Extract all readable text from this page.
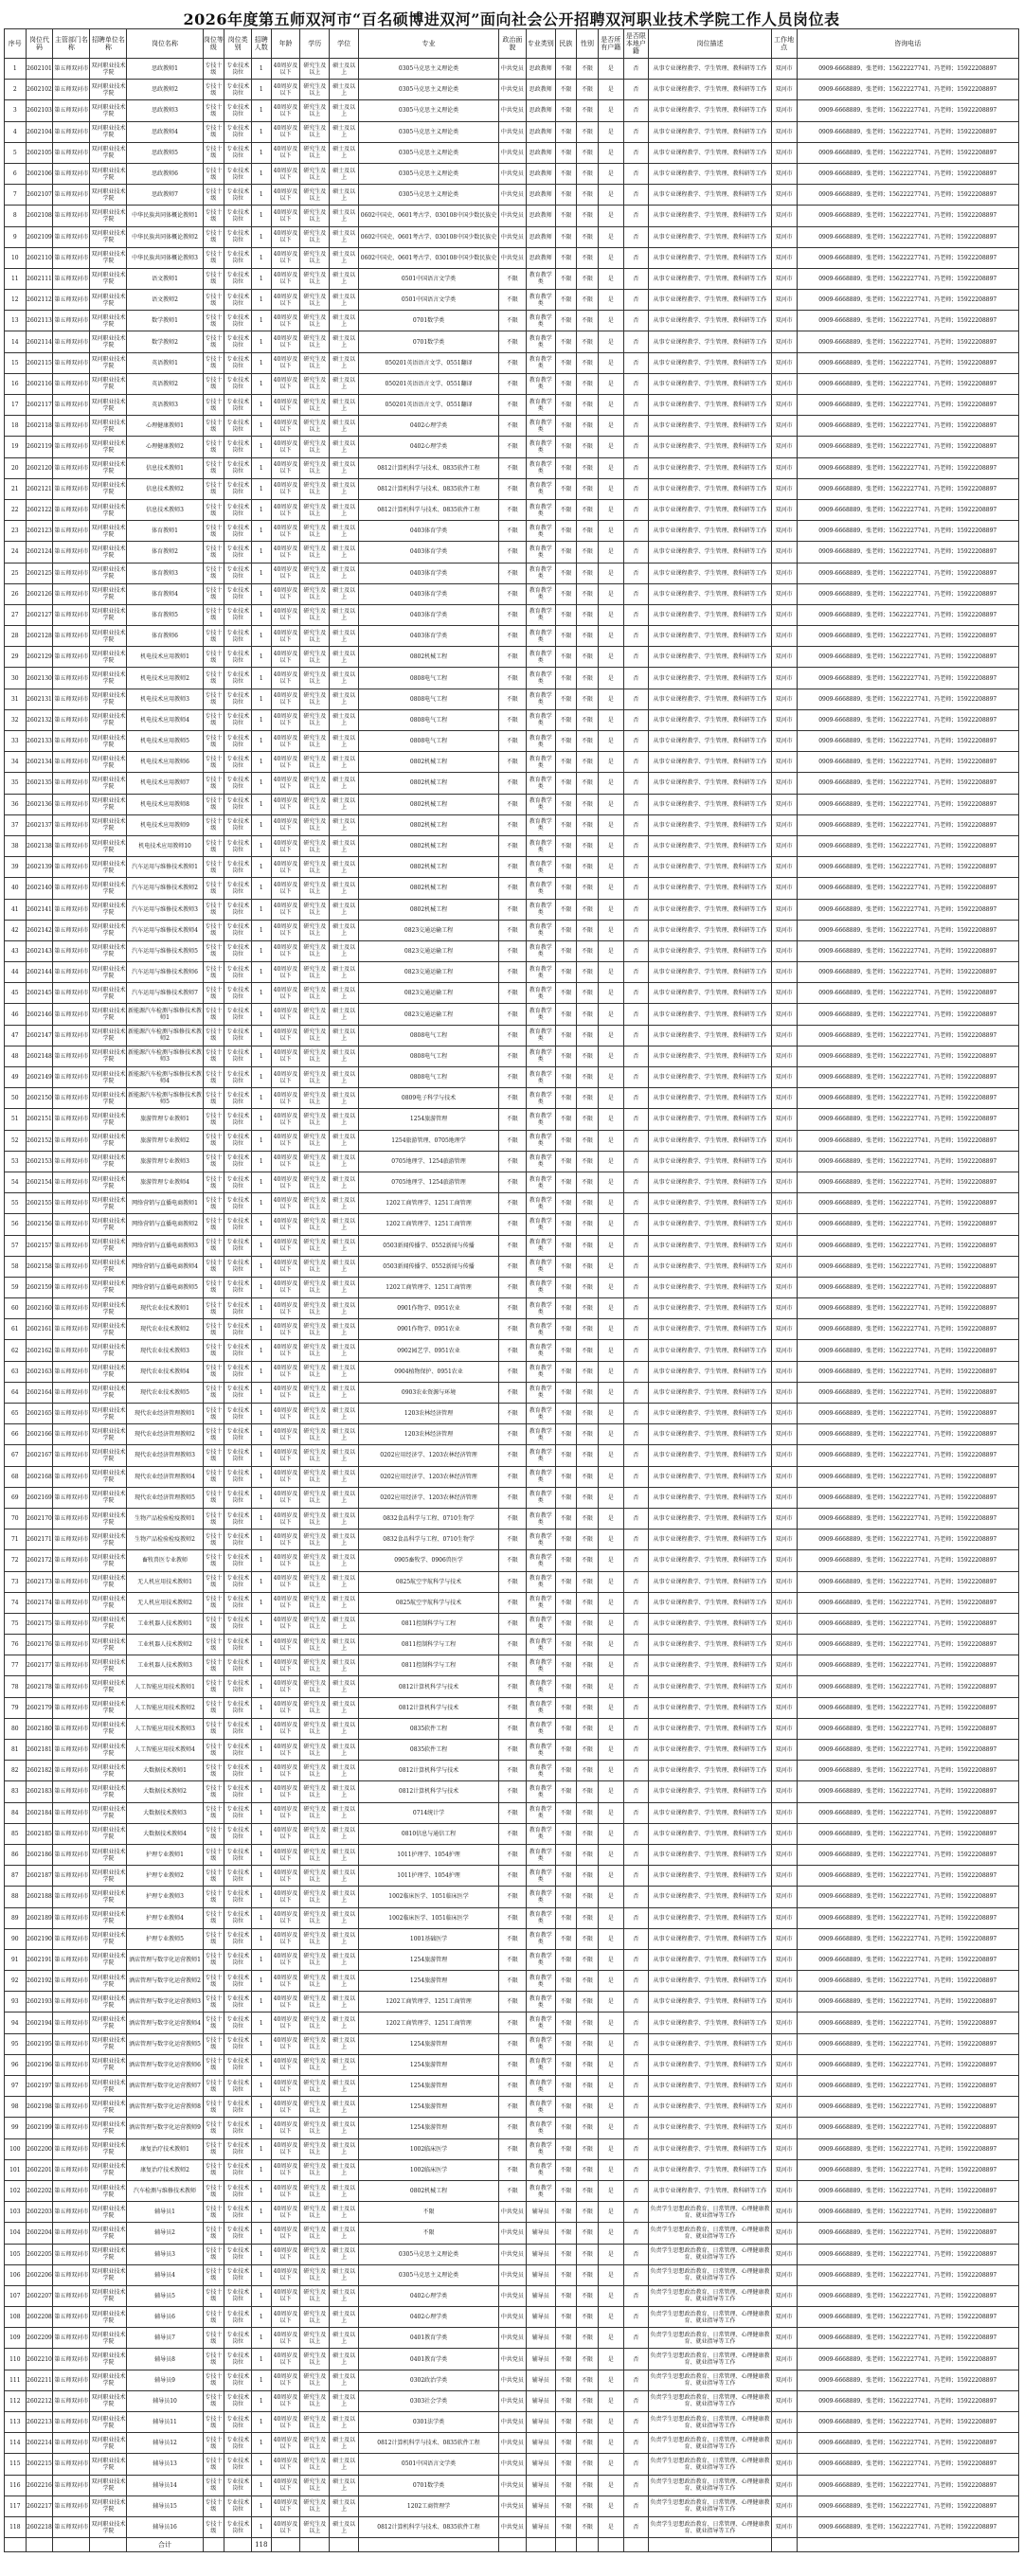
2026年度第五师双河市“百名硕博进双河”面向社会公开招聘双河职业技术学院工作人员岗位表
序号	岗位代码	主管部门名称	招聘单位名称	岗位名称	岗位等级	岗位类别	招聘人数	年龄	学历	学位	专业	政治面貌	专业类别	民族	性别	是否所有户籍	是否限本地户籍	岗位描述	工作地点	咨询电话
1	2602101	第五师双河市	双河职业技术学院	思政教师1	专技十级	专业技术岗位	1	40周岁及以下	研究生及以上	硕士及以上	0305马克思主义理论类	中共党员	思政教师	不限	不限	是	否	从事专业课程教学、学生管理、教科研等工作	双河市	0909-6668889、张老师；15622227741、冯老师；15922208897
2	2602102	第五师双河市	双河职业技术学院	思政教师2	专技十级	专业技术岗位	1	40周岁及以下	研究生及以上	硕士及以上	0305马克思主义理论类	中共党员	思政教师	不限	不限	是	否	从事专业课程教学、学生管理、教科研等工作	双河市	0909-6668889、张老师；15622227741、冯老师；15922208897
3	2602103	第五师双河市	双河职业技术学院	思政教师3	专技十级	专业技术岗位	1	40周岁及以下	研究生及以上	硕士及以上	0305马克思主义理论类	中共党员	思政教师	不限	不限	是	否	从事专业课程教学、学生管理、教科研等工作	双河市	0909-6668889、张老师；15622227741、冯老师；15922208897
4	2602104	第五师双河市	双河职业技术学院	思政教师4	专技十级	专业技术岗位	1	40周岁及以下	研究生及以上	硕士及以上	0305马克思主义理论类	中共党员	思政教师	不限	不限	是	否	从事专业课程教学、学生管理、教科研等工作	双河市	0909-6668889、张老师；15622227741、冯老师；15922208897
5	2602105	第五师双河市	双河职业技术学院	思政教师5	专技十级	专业技术岗位	1	40周岁及以下	研究生及以上	硕士及以上	0305马克思主义理论类	中共党员	思政教师	不限	不限	是	否	从事专业课程教学、学生管理、教科研等工作	双河市	0909-6668889、张老师；15622227741、冯老师；15922208897
6	2602106	第五师双河市	双河职业技术学院	思政教师6	专技十级	专业技术岗位	1	40周岁及以下	研究生及以上	硕士及以上	0305马克思主义理论类	中共党员	思政教师	不限	不限	是	否	从事专业课程教学、学生管理、教科研等工作	双河市	0909-6668889、张老师；15622227741、冯老师；15922208897
7	2602107	第五师双河市	双河职业技术学院	思政教师7	专技十级	专业技术岗位	1	40周岁及以下	研究生及以上	硕士及以上	0305马克思主义理论类	中共党员	思政教师	不限	不限	是	否	从事专业课程教学、学生管理、教科研等工作	双河市	0909-6668889、张老师；15622227741、冯老师；15922208897
8	2602108	第五师双河市	双河职业技术学院	中华民族共同体概论教师1	专技十级	专业技术岗位	1	40周岁及以下	研究生及以上	硕士及以上	0602中国史、0601考古学、030108中国少数民族史	中共党员	思政教师	不限	不限	是	否	从事专业课程教学、学生管理、教科研等工作	双河市	0909-6668889、张老师；15622227741、冯老师；15922208897
9	2602109	第五师双河市	双河职业技术学院	中华民族共同体概论教师2	专技十级	专业技术岗位	1	40周岁及以下	研究生及以上	硕士及以上	0602中国史、0601考古学、030108中国少数民族史	中共党员	思政教师	不限	不限	是	否	从事专业课程教学、学生管理、教科研等工作	双河市	0909-6668889、张老师；15622227741、冯老师；15922208897
10	2602110	第五师双河市	双河职业技术学院	中华民族共同体概论教师3	专技十级	专业技术岗位	1	40周岁及以下	研究生及以上	硕士及以上	0602中国史、0601考古学、030108中国少数民族史	中共党员	思政教师	不限	不限	是	否	从事专业课程教学、学生管理、教科研等工作	双河市	0909-6668889、张老师；15622227741、冯老师；15922208897
11	2602111	第五师双河市	双河职业技术学院	语文教师1	专技十级	专业技术岗位	1	40周岁及以下	研究生及以上	硕士及以上	0501中国语言文学类	不限	教育教学类	不限	不限	是	否	从事专业课程教学、学生管理、教科研等工作	双河市	0909-6668889、张老师；15622227741、冯老师；15922208897
12	2602112	第五师双河市	双河职业技术学院	语文教师2	专技十级	专业技术岗位	1	40周岁及以下	研究生及以上	硕士及以上	0501中国语言文学类	不限	教育教学类	不限	不限	是	否	从事专业课程教学、学生管理、教科研等工作	双河市	0909-6668889、张老师；15622227741、冯老师；15922208897
13	2602113	第五师双河市	双河职业技术学院	数学教师1	专技十级	专业技术岗位	1	40周岁及以下	研究生及以上	硕士及以上	0701数学类	不限	教育教学类	不限	不限	是	否	从事专业课程教学、学生管理、教科研等工作	双河市	0909-6668889、张老师；15622227741、冯老师；15922208897
14	2602114	第五师双河市	双河职业技术学院	数学教师2	专技十级	专业技术岗位	1	40周岁及以下	研究生及以上	硕士及以上	0701数学类	不限	教育教学类	不限	不限	是	否	从事专业课程教学、学生管理、教科研等工作	双河市	0909-6668889、张老师；15622227741、冯老师；15922208897
15	2602115	第五师双河市	双河职业技术学院	英语教师1	专技十级	专业技术岗位	1	40周岁及以下	研究生及以上	硕士及以上	050201英语语言文学、0551翻译	不限	教育教学类	不限	不限	是	否	从事专业课程教学、学生管理、教科研等工作	双河市	0909-6668889、张老师；15622227741、冯老师；15922208897
16	2602116	第五师双河市	双河职业技术学院	英语教师2	专技十级	专业技术岗位	1	40周岁及以下	研究生及以上	硕士及以上	050201英语语言文学、0551翻译	不限	教育教学类	不限	不限	是	否	从事专业课程教学、学生管理、教科研等工作	双河市	0909-6668889、张老师；15622227741、冯老师；15922208897
17	2602117	第五师双河市	双河职业技术学院	英语教师3	专技十级	专业技术岗位	1	40周岁及以下	研究生及以上	硕士及以上	050201英语语言文学、0551翻译	不限	教育教学类	不限	不限	是	否	从事专业课程教学、学生管理、教科研等工作	双河市	0909-6668889、张老师；15622227741、冯老师；15922208897
18	2602118	第五师双河市	双河职业技术学院	心理健康教师1	专技十级	专业技术岗位	1	40周岁及以下	研究生及以上	硕士及以上	0402心理学类	不限	教育教学类	不限	不限	是	否	从事专业课程教学、学生管理、教科研等工作	双河市	0909-6668889、张老师；15622227741、冯老师；15922208897
19	2602119	第五师双河市	双河职业技术学院	心理健康教师2	专技十级	专业技术岗位	1	40周岁及以下	研究生及以上	硕士及以上	0402心理学类	不限	教育教学类	不限	不限	是	否	从事专业课程教学、学生管理、教科研等工作	双河市	0909-6668889、张老师；15622227741、冯老师；15922208897
20	2602120	第五师双河市	双河职业技术学院	信息技术教师1	专技十级	专业技术岗位	1	40周岁及以下	研究生及以上	硕士及以上	0812计算机科学与技术、0835软件工程	不限	教育教学类	不限	不限	是	否	从事专业课程教学、学生管理、教科研等工作	双河市	0909-6668889、张老师；15622227741、冯老师；15922208897
21	2602121	第五师双河市	双河职业技术学院	信息技术教师2	专技十级	专业技术岗位	1	40周岁及以下	研究生及以上	硕士及以上	0812计算机科学与技术、0835软件工程	不限	教育教学类	不限	不限	是	否	从事专业课程教学、学生管理、教科研等工作	双河市	0909-6668889、张老师；15622227741、冯老师；15922208897
22	2602122	第五师双河市	双河职业技术学院	信息技术教师3	专技十级	专业技术岗位	1	40周岁及以下	研究生及以上	硕士及以上	0812计算机科学与技术、0835软件工程	不限	教育教学类	不限	不限	是	否	从事专业课程教学、学生管理、教科研等工作	双河市	0909-6668889、张老师；15622227741、冯老师；15922208897
23	2602123	第五师双河市	双河职业技术学院	体育教师1	专技十级	专业技术岗位	1	40周岁及以下	研究生及以上	硕士及以上	0403体育学类	不限	教育教学类	不限	不限	是	否	从事专业课程教学、学生管理、教科研等工作	双河市	0909-6668889、张老师；15622227741、冯老师；15922208897
24	2602124	第五师双河市	双河职业技术学院	体育教师2	专技十级	专业技术岗位	1	40周岁及以下	研究生及以上	硕士及以上	0403体育学类	不限	教育教学类	不限	不限	是	否	从事专业课程教学、学生管理、教科研等工作	双河市	0909-6668889、张老师；15622227741、冯老师；15922208897
25	2602125	第五师双河市	双河职业技术学院	体育教师3	专技十级	专业技术岗位	1	40周岁及以下	研究生及以上	硕士及以上	0403体育学类	不限	教育教学类	不限	不限	是	否	从事专业课程教学、学生管理、教科研等工作	双河市	0909-6668889、张老师；15622227741、冯老师；15922208897
26	2602126	第五师双河市	双河职业技术学院	体育教师4	专技十级	专业技术岗位	1	40周岁及以下	研究生及以上	硕士及以上	0403体育学类	不限	教育教学类	不限	不限	是	否	从事专业课程教学、学生管理、教科研等工作	双河市	0909-6668889、张老师；15622227741、冯老师；15922208897
27	2602127	第五师双河市	双河职业技术学院	体育教师5	专技十级	专业技术岗位	1	40周岁及以下	研究生及以上	硕士及以上	0403体育学类	不限	教育教学类	不限	不限	是	否	从事专业课程教学、学生管理、教科研等工作	双河市	0909-6668889、张老师；15622227741、冯老师；15922208897
28	2602128	第五师双河市	双河职业技术学院	体育教师6	专技十级	专业技术岗位	1	40周岁及以下	研究生及以上	硕士及以上	0403体育学类	不限	教育教学类	不限	不限	是	否	从事专业课程教学、学生管理、教科研等工作	双河市	0909-6668889、张老师；15622227741、冯老师；15922208897
29	2602129	第五师双河市	双河职业技术学院	机电技术应用教师1	专技十级	专业技术岗位	1	40周岁及以下	研究生及以上	硕士及以上	0802机械工程	不限	教育教学类	不限	不限	是	否	从事专业课程教学、学生管理、教科研等工作	双河市	0909-6668889、张老师；15622227741、冯老师；15922208897
30	2602130	第五师双河市	双河职业技术学院	机电技术应用教师2	专技十级	专业技术岗位	1	40周岁及以下	研究生及以上	硕士及以上	0808电气工程	不限	教育教学类	不限	不限	是	否	从事专业课程教学、学生管理、教科研等工作	双河市	0909-6668889、张老师；15622227741、冯老师；15922208897
31	2602131	第五师双河市	双河职业技术学院	机电技术应用教师3	专技十级	专业技术岗位	1	40周岁及以下	研究生及以上	硕士及以上	0808电气工程	不限	教育教学类	不限	不限	是	否	从事专业课程教学、学生管理、教科研等工作	双河市	0909-6668889、张老师；15622227741、冯老师；15922208897
32	2602132	第五师双河市	双河职业技术学院	机电技术应用教师4	专技十级	专业技术岗位	1	40周岁及以下	研究生及以上	硕士及以上	0808电气工程	不限	教育教学类	不限	不限	是	否	从事专业课程教学、学生管理、教科研等工作	双河市	0909-6668889、张老师；15622227741、冯老师；15922208897
33	2602133	第五师双河市	双河职业技术学院	机电技术应用教师5	专技十级	专业技术岗位	1	40周岁及以下	研究生及以上	硕士及以上	0808电气工程	不限	教育教学类	不限	不限	是	否	从事专业课程教学、学生管理、教科研等工作	双河市	0909-6668889、张老师；15622227741、冯老师；15922208897
34	2602134	第五师双河市	双河职业技术学院	机电技术应用教师6	专技十级	专业技术岗位	1	40周岁及以下	研究生及以上	硕士及以上	0802机械工程	不限	教育教学类	不限	不限	是	否	从事专业课程教学、学生管理、教科研等工作	双河市	0909-6668889、张老师；15622227741、冯老师；15922208897
35	2602135	第五师双河市	双河职业技术学院	机电技术应用教师7	专技十级	专业技术岗位	1	40周岁及以下	研究生及以上	硕士及以上	0802机械工程	不限	教育教学类	不限	不限	是	否	从事专业课程教学、学生管理、教科研等工作	双河市	0909-6668889、张老师；15622227741、冯老师；15922208897
36	2602136	第五师双河市	双河职业技术学院	机电技术应用教师8	专技十级	专业技术岗位	1	40周岁及以下	研究生及以上	硕士及以上	0802机械工程	不限	教育教学类	不限	不限	是	否	从事专业课程教学、学生管理、教科研等工作	双河市	0909-6668889、张老师；15622227741、冯老师；15922208897
37	2602137	第五师双河市	双河职业技术学院	机电技术应用教师9	专技十级	专业技术岗位	1	40周岁及以下	研究生及以上	硕士及以上	0802机械工程	不限	教育教学类	不限	不限	是	否	从事专业课程教学、学生管理、教科研等工作	双河市	0909-6668889、张老师；15622227741、冯老师；15922208897
38	2602138	第五师双河市	双河职业技术学院	机电技术应用教师10	专技十级	专业技术岗位	1	40周岁及以下	研究生及以上	硕士及以上	0802机械工程	不限	教育教学类	不限	不限	是	否	从事专业课程教学、学生管理、教科研等工作	双河市	0909-6668889、张老师；15622227741、冯老师；15922208897
39	2602139	第五师双河市	双河职业技术学院	汽车运用与维修技术教师1	专技十级	专业技术岗位	1	40周岁及以下	研究生及以上	硕士及以上	0802机械工程	不限	教育教学类	不限	不限	是	否	从事专业课程教学、学生管理、教科研等工作	双河市	0909-6668889、张老师；15622227741、冯老师；15922208897
40	2602140	第五师双河市	双河职业技术学院	汽车运用与维修技术教师2	专技十级	专业技术岗位	1	40周岁及以下	研究生及以上	硕士及以上	0802机械工程	不限	教育教学类	不限	不限	是	否	从事专业课程教学、学生管理、教科研等工作	双河市	0909-6668889、张老师；15622227741、冯老师；15922208897
41	2602141	第五师双河市	双河职业技术学院	汽车运用与维修技术教师3	专技十级	专业技术岗位	1	40周岁及以下	研究生及以上	硕士及以上	0802机械工程	不限	教育教学类	不限	不限	是	否	从事专业课程教学、学生管理、教科研等工作	双河市	0909-6668889、张老师；15622227741、冯老师；15922208897
42	2602142	第五师双河市	双河职业技术学院	汽车运用与维修技术教师4	专技十级	专业技术岗位	1	40周岁及以下	研究生及以上	硕士及以上	0823交通运输工程	不限	教育教学类	不限	不限	是	否	从事专业课程教学、学生管理、教科研等工作	双河市	0909-6668889、张老师；15622227741、冯老师；15922208897
43	2602143	第五师双河市	双河职业技术学院	汽车运用与维修技术教师5	专技十级	专业技术岗位	1	40周岁及以下	研究生及以上	硕士及以上	0823交通运输工程	不限	教育教学类	不限	不限	是	否	从事专业课程教学、学生管理、教科研等工作	双河市	0909-6668889、张老师；15622227741、冯老师；15922208897
44	2602144	第五师双河市	双河职业技术学院	汽车运用与维修技术教师6	专技十级	专业技术岗位	1	40周岁及以下	研究生及以上	硕士及以上	0823交通运输工程	不限	教育教学类	不限	不限	是	否	从事专业课程教学、学生管理、教科研等工作	双河市	0909-6668889、张老师；15622227741、冯老师；15922208897
45	2602145	第五师双河市	双河职业技术学院	汽车运用与维修技术教师7	专技十级	专业技术岗位	1	40周岁及以下	研究生及以上	硕士及以上	0823交通运输工程	不限	教育教学类	不限	不限	是	否	从事专业课程教学、学生管理、教科研等工作	双河市	0909-6668889、张老师；15622227741、冯老师；15922208897
46	2602146	第五师双河市	双河职业技术学院	新能源汽车检测与维修技术教师1	专技十级	专业技术岗位	1	40周岁及以下	研究生及以上	硕士及以上	0823交通运输工程	不限	教育教学类	不限	不限	是	否	从事专业课程教学、学生管理、教科研等工作	双河市	0909-6668889、张老师；15622227741、冯老师；15922208897
47	2602147	第五师双河市	双河职业技术学院	新能源汽车检测与维修技术教师2	专技十级	专业技术岗位	1	40周岁及以下	研究生及以上	硕士及以上	0808电气工程	不限	教育教学类	不限	不限	是	否	从事专业课程教学、学生管理、教科研等工作	双河市	0909-6668889、张老师；15622227741、冯老师；15922208897
48	2602148	第五师双河市	双河职业技术学院	新能源汽车检测与维修技术教师3	专技十级	专业技术岗位	1	40周岁及以下	研究生及以上	硕士及以上	0808电气工程	不限	教育教学类	不限	不限	是	否	从事专业课程教学、学生管理、教科研等工作	双河市	0909-6668889、张老师；15622227741、冯老师；15922208897
49	2602149	第五师双河市	双河职业技术学院	新能源汽车检测与维修技术教师4	专技十级	专业技术岗位	1	40周岁及以下	研究生及以上	硕士及以上	0808电气工程	不限	教育教学类	不限	不限	是	否	从事专业课程教学、学生管理、教科研等工作	双河市	0909-6668889、张老师；15622227741、冯老师；15922208897
50	2602150	第五师双河市	双河职业技术学院	新能源汽车检测与维修技术教师5	专技十级	专业技术岗位	1	40周岁及以下	研究生及以上	硕士及以上	0809电子科学与技术	不限	教育教学类	不限	不限	是	否	从事专业课程教学、学生管理、教科研等工作	双河市	0909-6668889、张老师；15622227741、冯老师；15922208897
51	2602151	第五师双河市	双河职业技术学院	旅游管理专业教师1	专技十级	专业技术岗位	1	40周岁及以下	研究生及以上	硕士及以上	1254旅游管理	不限	教育教学类	不限	不限	是	否	从事专业课程教学、学生管理、教科研等工作	双河市	0909-6668889、张老师；15622227741、冯老师；15922208897
52	2602152	第五师双河市	双河职业技术学院	旅游管理专业教师2	专技十级	专业技术岗位	1	40周岁及以下	研究生及以上	硕士及以上	1254旅游管理、0705地理学	不限	教育教学类	不限	不限	是	否	从事专业课程教学、学生管理、教科研等工作	双河市	0909-6668889、张老师；15622227741、冯老师；15922208897
53	2602153	第五师双河市	双河职业技术学院	旅游管理专业教师3	专技十级	专业技术岗位	1	40周岁及以下	研究生及以上	硕士及以上	0705地理学、1254旅游管理	不限	教育教学类	不限	不限	是	否	从事专业课程教学、学生管理、教科研等工作	双河市	0909-6668889、张老师；15622227741、冯老师；15922208897
54	2602154	第五师双河市	双河职业技术学院	旅游管理专业教师4	专技十级	专业技术岗位	1	40周岁及以下	研究生及以上	硕士及以上	0705地理学、1254旅游管理	不限	教育教学类	不限	不限	是	否	从事专业课程教学、学生管理、教科研等工作	双河市	0909-6668889、张老师；15622227741、冯老师；15922208897
55	2602155	第五师双河市	双河职业技术学院	网络营销与直播电商教师1	专技十级	专业技术岗位	1	40周岁及以下	研究生及以上	硕士及以上	1202工商管理学、1251工商管理	不限	教育教学类	不限	不限	是	否	从事专业课程教学、学生管理、教科研等工作	双河市	0909-6668889、张老师；15622227741、冯老师；15922208897
56	2602156	第五师双河市	双河职业技术学院	网络营销与直播电商教师2	专技十级	专业技术岗位	1	40周岁及以下	研究生及以上	硕士及以上	1202工商管理学、1251工商管理	不限	教育教学类	不限	不限	是	否	从事专业课程教学、学生管理、教科研等工作	双河市	0909-6668889、张老师；15622227741、冯老师；15922208897
57	2602157	第五师双河市	双河职业技术学院	网络营销与直播电商教师3	专技十级	专业技术岗位	1	40周岁及以下	研究生及以上	硕士及以上	0503新闻传播学、0552新闻与传播	不限	教育教学类	不限	不限	是	否	从事专业课程教学、学生管理、教科研等工作	双河市	0909-6668889、张老师；15622227741、冯老师；15922208897
58	2602158	第五师双河市	双河职业技术学院	网络营销与直播电商教师4	专技十级	专业技术岗位	1	40周岁及以下	研究生及以上	硕士及以上	0503新闻传播学、0552新闻与传播	不限	教育教学类	不限	不限	是	否	从事专业课程教学、学生管理、教科研等工作	双河市	0909-6668889、张老师；15622227741、冯老师；15922208897
59	2602159	第五师双河市	双河职业技术学院	网络营销与直播电商教师5	专技十级	专业技术岗位	1	40周岁及以下	研究生及以上	硕士及以上	1202工商管理学、1251工商管理	不限	教育教学类	不限	不限	是	否	从事专业课程教学、学生管理、教科研等工作	双河市	0909-6668889、张老师；15622227741、冯老师；15922208897
60	2602160	第五师双河市	双河职业技术学院	现代农业技术教师1	专技十级	专业技术岗位	1	40周岁及以下	研究生及以上	硕士及以上	0901作物学、0951农业	不限	教育教学类	不限	不限	是	否	从事专业课程教学、学生管理、教科研等工作	双河市	0909-6668889、张老师；15622227741、冯老师；15922208897
61	2602161	第五师双河市	双河职业技术学院	现代农业技术教师2	专技十级	专业技术岗位	1	40周岁及以下	研究生及以上	硕士及以上	0901作物学、0951农业	不限	教育教学类	不限	不限	是	否	从事专业课程教学、学生管理、教科研等工作	双河市	0909-6668889、张老师；15622227741、冯老师；15922208897
62	2602162	第五师双河市	双河职业技术学院	现代农业技术教师3	专技十级	专业技术岗位	1	40周岁及以下	研究生及以上	硕士及以上	0902园艺学、0951农业	不限	教育教学类	不限	不限	是	否	从事专业课程教学、学生管理、教科研等工作	双河市	0909-6668889、张老师；15622227741、冯老师；15922208897
63	2602163	第五师双河市	双河职业技术学院	现代农业技术教师4	专技十级	专业技术岗位	1	40周岁及以下	研究生及以上	硕士及以上	0904植物保护、0951农业	不限	教育教学类	不限	不限	是	否	从事专业课程教学、学生管理、教科研等工作	双河市	0909-6668889、张老师；15622227741、冯老师；15922208897
64	2602164	第五师双河市	双河职业技术学院	现代农业技术教师5	专技十级	专业技术岗位	1	40周岁及以下	研究生及以上	硕士及以上	0903农业资源与环境	不限	教育教学类	不限	不限	是	否	从事专业课程教学、学生管理、教科研等工作	双河市	0909-6668889、张老师；15622227741、冯老师；15922208897
65	2602165	第五师双河市	双河职业技术学院	现代农业经济管理教师1	专技十级	专业技术岗位	1	40周岁及以下	研究生及以上	硕士及以上	1203农林经济管理	不限	教育教学类	不限	不限	是	否	从事专业课程教学、学生管理、教科研等工作	双河市	0909-6668889、张老师；15622227741、冯老师；15922208897
66	2602166	第五师双河市	双河职业技术学院	现代农业经济管理教师2	专技十级	专业技术岗位	1	40周岁及以下	研究生及以上	硕士及以上	1203农林经济管理	不限	教育教学类	不限	不限	是	否	从事专业课程教学、学生管理、教科研等工作	双河市	0909-6668889、张老师；15622227741、冯老师；15922208897
67	2602167	第五师双河市	双河职业技术学院	现代农业经济管理教师3	专技十级	专业技术岗位	1	40周岁及以下	研究生及以上	硕士及以上	0202应用经济学、1203农林经济管理	不限	教育教学类	不限	不限	是	否	从事专业课程教学、学生管理、教科研等工作	双河市	0909-6668889、张老师；15622227741、冯老师；15922208897
68	2602168	第五师双河市	双河职业技术学院	现代农业经济管理教师4	专技十级	专业技术岗位	1	40周岁及以下	研究生及以上	硕士及以上	0202应用经济学、1203农林经济管理	不限	教育教学类	不限	不限	是	否	从事专业课程教学、学生管理、教科研等工作	双河市	0909-6668889、张老师；15622227741、冯老师；15922208897
69	2602169	第五师双河市	双河职业技术学院	现代农业经济管理教师5	专技十级	专业技术岗位	1	40周岁及以下	研究生及以上	硕士及以上	0202应用经济学、1203农林经济管理	不限	教育教学类	不限	不限	是	否	从事专业课程教学、学生管理、教科研等工作	双河市	0909-6668889、张老师；15622227741、冯老师；15922208897
70	2602170	第五师双河市	双河职业技术学院	生物产品检验检疫教师1	专技十级	专业技术岗位	1	40周岁及以下	研究生及以上	硕士及以上	0832食品科学与工程、0710生物学	不限	教育教学类	不限	不限	是	否	从事专业课程教学、学生管理、教科研等工作	双河市	0909-6668889、张老师；15622227741、冯老师；15922208897
71	2602171	第五师双河市	双河职业技术学院	生物产品检验检疫教师2	专技十级	专业技术岗位	1	40周岁及以下	研究生及以上	硕士及以上	0832食品科学与工程、0710生物学	不限	教育教学类	不限	不限	是	否	从事专业课程教学、学生管理、教科研等工作	双河市	0909-6668889、张老师；15622227741、冯老师；15922208897
72	2602172	第五师双河市	双河职业技术学院	畜牧兽医专业教师	专技十级	专业技术岗位	1	40周岁及以下	研究生及以上	硕士及以上	0905畜牧学、0906兽医学	不限	教育教学类	不限	不限	是	否	从事专业课程教学、学生管理、教科研等工作	双河市	0909-6668889、张老师；15622227741、冯老师；15922208897
73	2602173	第五师双河市	双河职业技术学院	无人机应用技术教师1	专技十级	专业技术岗位	1	40周岁及以下	研究生及以上	硕士及以上	0825航空宇航科学与技术	不限	教育教学类	不限	不限	是	否	从事专业课程教学、学生管理、教科研等工作	双河市	0909-6668889、张老师；15622227741、冯老师；15922208897
74	2602174	第五师双河市	双河职业技术学院	无人机应用技术教师2	专技十级	专业技术岗位	1	40周岁及以下	研究生及以上	硕士及以上	0825航空宇航科学与技术	不限	教育教学类	不限	不限	是	否	从事专业课程教学、学生管理、教科研等工作	双河市	0909-6668889、张老师；15622227741、冯老师；15922208897
75	2602175	第五师双河市	双河职业技术学院	工业机器人技术教师1	专技十级	专业技术岗位	1	40周岁及以下	研究生及以上	硕士及以上	0811控制科学与工程	不限	教育教学类	不限	不限	是	否	从事专业课程教学、学生管理、教科研等工作	双河市	0909-6668889、张老师；15622227741、冯老师；15922208897
76	2602176	第五师双河市	双河职业技术学院	工业机器人技术教师2	专技十级	专业技术岗位	1	40周岁及以下	研究生及以上	硕士及以上	0811控制科学与工程	不限	教育教学类	不限	不限	是	否	从事专业课程教学、学生管理、教科研等工作	双河市	0909-6668889、张老师；15622227741、冯老师；15922208897
77	2602177	第五师双河市	双河职业技术学院	工业机器人技术教师3	专技十级	专业技术岗位	1	40周岁及以下	研究生及以上	硕士及以上	0811控制科学与工程	不限	教育教学类	不限	不限	是	否	从事专业课程教学、学生管理、教科研等工作	双河市	0909-6668889、张老师；15622227741、冯老师；15922208897
78	2602178	第五师双河市	双河职业技术学院	人工智能应用技术教师1	专技十级	专业技术岗位	1	40周岁及以下	研究生及以上	硕士及以上	0812计算机科学与技术	不限	教育教学类	不限	不限	是	否	从事专业课程教学、学生管理、教科研等工作	双河市	0909-6668889、张老师；15622227741、冯老师；15922208897
79	2602179	第五师双河市	双河职业技术学院	人工智能应用技术教师2	专技十级	专业技术岗位	1	40周岁及以下	研究生及以上	硕士及以上	0812计算机科学与技术	不限	教育教学类	不限	不限	是	否	从事专业课程教学、学生管理、教科研等工作	双河市	0909-6668889、张老师；15622227741、冯老师；15922208897
80	2602180	第五师双河市	双河职业技术学院	人工智能应用技术教师3	专技十级	专业技术岗位	1	40周岁及以下	研究生及以上	硕士及以上	0835软件工程	不限	教育教学类	不限	不限	是	否	从事专业课程教学、学生管理、教科研等工作	双河市	0909-6668889、张老师；15622227741、冯老师；15922208897
81	2602181	第五师双河市	双河职业技术学院	人工智能应用技术教师4	专技十级	专业技术岗位	1	40周岁及以下	研究生及以上	硕士及以上	0835软件工程	不限	教育教学类	不限	不限	是	否	从事专业课程教学、学生管理、教科研等工作	双河市	0909-6668889、张老师；15622227741、冯老师；15922208897
82	2602182	第五师双河市	双河职业技术学院	大数据技术教师1	专技十级	专业技术岗位	1	40周岁及以下	研究生及以上	硕士及以上	0812计算机科学与技术	不限	教育教学类	不限	不限	是	否	从事专业课程教学、学生管理、教科研等工作	双河市	0909-6668889、张老师；15622227741、冯老师；15922208897
83	2602183	第五师双河市	双河职业技术学院	大数据技术教师2	专技十级	专业技术岗位	1	40周岁及以下	研究生及以上	硕士及以上	0812计算机科学与技术	不限	教育教学类	不限	不限	是	否	从事专业课程教学、学生管理、教科研等工作	双河市	0909-6668889、张老师；15622227741、冯老师；15922208897
84	2602184	第五师双河市	双河职业技术学院	大数据技术教师3	专技十级	专业技术岗位	1	40周岁及以下	研究生及以上	硕士及以上	0714统计学	不限	教育教学类	不限	不限	是	否	从事专业课程教学、学生管理、教科研等工作	双河市	0909-6668889、张老师；15622227741、冯老师；15922208897
85	2602185	第五师双河市	双河职业技术学院	大数据技术教师4	专技十级	专业技术岗位	1	40周岁及以下	研究生及以上	硕士及以上	0810信息与通信工程	不限	教育教学类	不限	不限	是	否	从事专业课程教学、学生管理、教科研等工作	双河市	0909-6668889、张老师；15622227741、冯老师；15922208897
86	2602186	第五师双河市	双河职业技术学院	护理专业教师1	专技十级	专业技术岗位	1	40周岁及以下	研究生及以上	硕士及以上	1011护理学、1054护理	不限	教育教学类	不限	不限	是	否	从事专业课程教学、学生管理、教科研等工作	双河市	0909-6668889、张老师；15622227741、冯老师；15922208897
87	2602187	第五师双河市	双河职业技术学院	护理专业教师2	专技十级	专业技术岗位	1	40周岁及以下	研究生及以上	硕士及以上	1011护理学、1054护理	不限	教育教学类	不限	不限	是	否	从事专业课程教学、学生管理、教科研等工作	双河市	0909-6668889、张老师；15622227741、冯老师；15922208897
88	2602188	第五师双河市	双河职业技术学院	护理专业教师3	专技十级	专业技术岗位	1	40周岁及以下	研究生及以上	硕士及以上	1002临床医学、1051临床医学	不限	教育教学类	不限	不限	是	否	从事专业课程教学、学生管理、教科研等工作	双河市	0909-6668889、张老师；15622227741、冯老师；15922208897
89	2602189	第五师双河市	双河职业技术学院	护理专业教师4	专技十级	专业技术岗位	1	40周岁及以下	研究生及以上	硕士及以上	1002临床医学、1051临床医学	不限	教育教学类	不限	不限	是	否	从事专业课程教学、学生管理、教科研等工作	双河市	0909-6668889、张老师；15622227741、冯老师；15922208897
90	2602190	第五师双河市	双河职业技术学院	护理专业教师5	专技十级	专业技术岗位	1	40周岁及以下	研究生及以上	硕士及以上	1001基础医学	不限	教育教学类	不限	不限	是	否	从事专业课程教学、学生管理、教科研等工作	双河市	0909-6668889、张老师；15622227741、冯老师；15922208897
91	2602191	第五师双河市	双河职业技术学院	酒店管理与数字化运营教师1	专技十级	专业技术岗位	1	40周岁及以下	研究生及以上	硕士及以上	1254旅游管理	不限	教育教学类	不限	不限	是	否	从事专业课程教学、学生管理、教科研等工作	双河市	0909-6668889、张老师；15622227741、冯老师；15922208897
92	2602192	第五师双河市	双河职业技术学院	酒店管理与数字化运营教师2	专技十级	专业技术岗位	1	40周岁及以下	研究生及以上	硕士及以上	1254旅游管理	不限	教育教学类	不限	不限	是	否	从事专业课程教学、学生管理、教科研等工作	双河市	0909-6668889、张老师；15622227741、冯老师；15922208897
93	2602193	第五师双河市	双河职业技术学院	酒店管理与数字化运营教师3	专技十级	专业技术岗位	1	40周岁及以下	研究生及以上	硕士及以上	1202工商管理学、1251工商管理	不限	教育教学类	不限	不限	是	否	从事专业课程教学、学生管理、教科研等工作	双河市	0909-6668889、张老师；15622227741、冯老师；15922208897
94	2602194	第五师双河市	双河职业技术学院	酒店管理与数字化运营教师4	专技十级	专业技术岗位	1	40周岁及以下	研究生及以上	硕士及以上	1202工商管理学、1251工商管理	不限	教育教学类	不限	不限	是	否	从事专业课程教学、学生管理、教科研等工作	双河市	0909-6668889、张老师；15622227741、冯老师；15922208897
95	2602195	第五师双河市	双河职业技术学院	酒店管理与数字化运营教师5	专技十级	专业技术岗位	1	40周岁及以下	研究生及以上	硕士及以上	1254旅游管理	不限	教育教学类	不限	不限	是	否	从事专业课程教学、学生管理、教科研等工作	双河市	0909-6668889、张老师；15622227741、冯老师；15922208897
96	2602196	第五师双河市	双河职业技术学院	酒店管理与数字化运营教师6	专技十级	专业技术岗位	1	40周岁及以下	研究生及以上	硕士及以上	1254旅游管理	不限	教育教学类	不限	不限	是	否	从事专业课程教学、学生管理、教科研等工作	双河市	0909-6668889、张老师；15622227741、冯老师；15922208897
97	2602197	第五师双河市	双河职业技术学院	酒店管理与数字化运营教师7	专技十级	专业技术岗位	1	40周岁及以下	研究生及以上	硕士及以上	1254旅游管理	不限	教育教学类	不限	不限	是	否	从事专业课程教学、学生管理、教科研等工作	双河市	0909-6668889、张老师；15622227741、冯老师；15922208897
98	2602198	第五师双河市	双河职业技术学院	酒店管理与数字化运营教师8	专技十级	专业技术岗位	1	40周岁及以下	研究生及以上	硕士及以上	1254旅游管理	不限	教育教学类	不限	不限	是	否	从事专业课程教学、学生管理、教科研等工作	双河市	0909-6668889、张老师；15622227741、冯老师；15922208897
99	2602199	第五师双河市	双河职业技术学院	酒店管理与数字化运营教师9	专技十级	专业技术岗位	1	40周岁及以下	研究生及以上	硕士及以上	1254旅游管理	不限	教育教学类	不限	不限	是	否	从事专业课程教学、学生管理、教科研等工作	双河市	0909-6668889、张老师；15622227741、冯老师；15922208897
100	2602200	第五师双河市	双河职业技术学院	康复治疗技术教师1	专技十级	专业技术岗位	1	40周岁及以下	研究生及以上	硕士及以上	1002临床医学	不限	教育教学类	不限	不限	是	否	从事专业课程教学、学生管理、教科研等工作	双河市	0909-6668889、张老师；15622227741、冯老师；15922208897
101	2602201	第五师双河市	双河职业技术学院	康复治疗技术教师2	专技十级	专业技术岗位	1	40周岁及以下	研究生及以上	硕士及以上	1002临床医学	不限	教育教学类	不限	不限	是	否	从事专业课程教学、学生管理、教科研等工作	双河市	0909-6668889、张老师；15622227741、冯老师；15922208897
102	2602202	第五师双河市	双河职业技术学院	汽车检测与维修技术教师	专技十级	专业技术岗位	1	40周岁及以下	研究生及以上	硕士及以上	0802机械工程	不限	教育教学类	不限	不限	是	否	从事专业课程教学、学生管理、教科研等工作	双河市	0909-6668889、张老师；15622227741、冯老师；15922208897
103	2602203	第五师双河市	双河职业技术学院	辅导员1	专技十级	专业技术岗位	1	40周岁及以下	研究生及以上	硕士及以上	不限	中共党员	辅导员	不限	不限	是	否	负责学生思想政治教育、日常管理、心理健康教育、就业指导等工作	双河市	0909-6668889、张老师；15622227741、冯老师；15922208897
104	2602204	第五师双河市	双河职业技术学院	辅导员2	专技十级	专业技术岗位	1	40周岁及以下	研究生及以上	硕士及以上	不限	中共党员	辅导员	不限	不限	是	否	负责学生思想政治教育、日常管理、心理健康教育、就业指导等工作	双河市	0909-6668889、张老师；15622227741、冯老师；15922208897
105	2602205	第五师双河市	双河职业技术学院	辅导员3	专技十级	专业技术岗位	1	40周岁及以下	研究生及以上	硕士及以上	0305马克思主义理论类	中共党员	辅导员	不限	不限	是	否	负责学生思想政治教育、日常管理、心理健康教育、就业指导等工作	双河市	0909-6668889、张老师；15622227741、冯老师；15922208897
106	2602206	第五师双河市	双河职业技术学院	辅导员4	专技十级	专业技术岗位	1	40周岁及以下	研究生及以上	硕士及以上	0305马克思主义理论类	中共党员	辅导员	不限	不限	是	否	负责学生思想政治教育、日常管理、心理健康教育、就业指导等工作	双河市	0909-6668889、张老师；15622227741、冯老师；15922208897
107	2602207	第五师双河市	双河职业技术学院	辅导员5	专技十级	专业技术岗位	1	40周岁及以下	研究生及以上	硕士及以上	0402心理学类	中共党员	辅导员	不限	不限	是	否	负责学生思想政治教育、日常管理、心理健康教育、就业指导等工作	双河市	0909-6668889、张老师；15622227741、冯老师；15922208897
108	2602208	第五师双河市	双河职业技术学院	辅导员6	专技十级	专业技术岗位	1	40周岁及以下	研究生及以上	硕士及以上	0402心理学类	中共党员	辅导员	不限	不限	是	否	负责学生思想政治教育、日常管理、心理健康教育、就业指导等工作	双河市	0909-6668889、张老师；15622227741、冯老师；15922208897
109	2602209	第五师双河市	双河职业技术学院	辅导员7	专技十级	专业技术岗位	1	40周岁及以下	研究生及以上	硕士及以上	0401教育学类	中共党员	辅导员	不限	不限	是	否	负责学生思想政治教育、日常管理、心理健康教育、就业指导等工作	双河市	0909-6668889、张老师；15622227741、冯老师；15922208897
110	2602210	第五师双河市	双河职业技术学院	辅导员8	专技十级	专业技术岗位	1	40周岁及以下	研究生及以上	硕士及以上	0401教育学类	中共党员	辅导员	不限	不限	是	否	负责学生思想政治教育、日常管理、心理健康教育、就业指导等工作	双河市	0909-6668889、张老师；15622227741、冯老师；15922208897
111	2602211	第五师双河市	双河职业技术学院	辅导员9	专技十级	专业技术岗位	1	40周岁及以下	研究生及以上	硕士及以上	0302政治学类	中共党员	辅导员	不限	不限	是	否	负责学生思想政治教育、日常管理、心理健康教育、就业指导等工作	双河市	0909-6668889、张老师；15622227741、冯老师；15922208897
112	2602212	第五师双河市	双河职业技术学院	辅导员10	专技十级	专业技术岗位	1	40周岁及以下	研究生及以上	硕士及以上	0303社会学类	中共党员	辅导员	不限	不限	是	否	负责学生思想政治教育、日常管理、心理健康教育、就业指导等工作	双河市	0909-6668889、张老师；15622227741、冯老师；15922208897
113	2602213	第五师双河市	双河职业技术学院	辅导员11	专技十级	专业技术岗位	1	40周岁及以下	研究生及以上	硕士及以上	0301法学类	中共党员	辅导员	不限	不限	是	否	负责学生思想政治教育、日常管理、心理健康教育、就业指导等工作	双河市	0909-6668889、张老师；15622227741、冯老师；15922208897
114	2602214	第五师双河市	双河职业技术学院	辅导员12	专技十级	专业技术岗位	1	40周岁及以下	研究生及以上	硕士及以上	0812计算机科学与技术、0835软件工程	中共党员	辅导员	不限	不限	是	否	负责学生思想政治教育、日常管理、心理健康教育、就业指导等工作	双河市	0909-6668889、张老师；15622227741、冯老师；15922208897
115	2602215	第五师双河市	双河职业技术学院	辅导员13	专技十级	专业技术岗位	1	40周岁及以下	研究生及以上	硕士及以上	0501中国语言文学类	中共党员	辅导员	不限	不限	是	否	负责学生思想政治教育、日常管理、心理健康教育、就业指导等工作	双河市	0909-6668889、张老师；15622227741、冯老师；15922208897
116	2602216	第五师双河市	双河职业技术学院	辅导员14	专技十级	专业技术岗位	1	40周岁及以下	研究生及以上	硕士及以上	0701数学类	中共党员	辅导员	不限	不限	是	否	负责学生思想政治教育、日常管理、心理健康教育、就业指导等工作	双河市	0909-6668889、张老师；15622227741、冯老师；15922208897
117	2602217	第五师双河市	双河职业技术学院	辅导员15	专技十级	专业技术岗位	1	40周岁及以下	研究生及以上	硕士及以上	1202工商管理学	中共党员	辅导员	不限	不限	是	否	负责学生思想政治教育、日常管理、心理健康教育、就业指导等工作	双河市	0909-6668889、张老师；15622227741、冯老师；15922208897
118	2602218	第五师双河市	双河职业技术学院	辅导员16	专技十级	专业技术岗位	1	40周岁及以下	研究生及以上	硕士及以上	0812计算机科学与技术、0835软件工程	中共党员	辅导员	不限	不限	是	否	负责学生思想政治教育、日常管理、心理健康教育、就业指导等工作	双河市	0909-6668889、张老师；15622227741、冯老师；15922208897
				合计			118													
